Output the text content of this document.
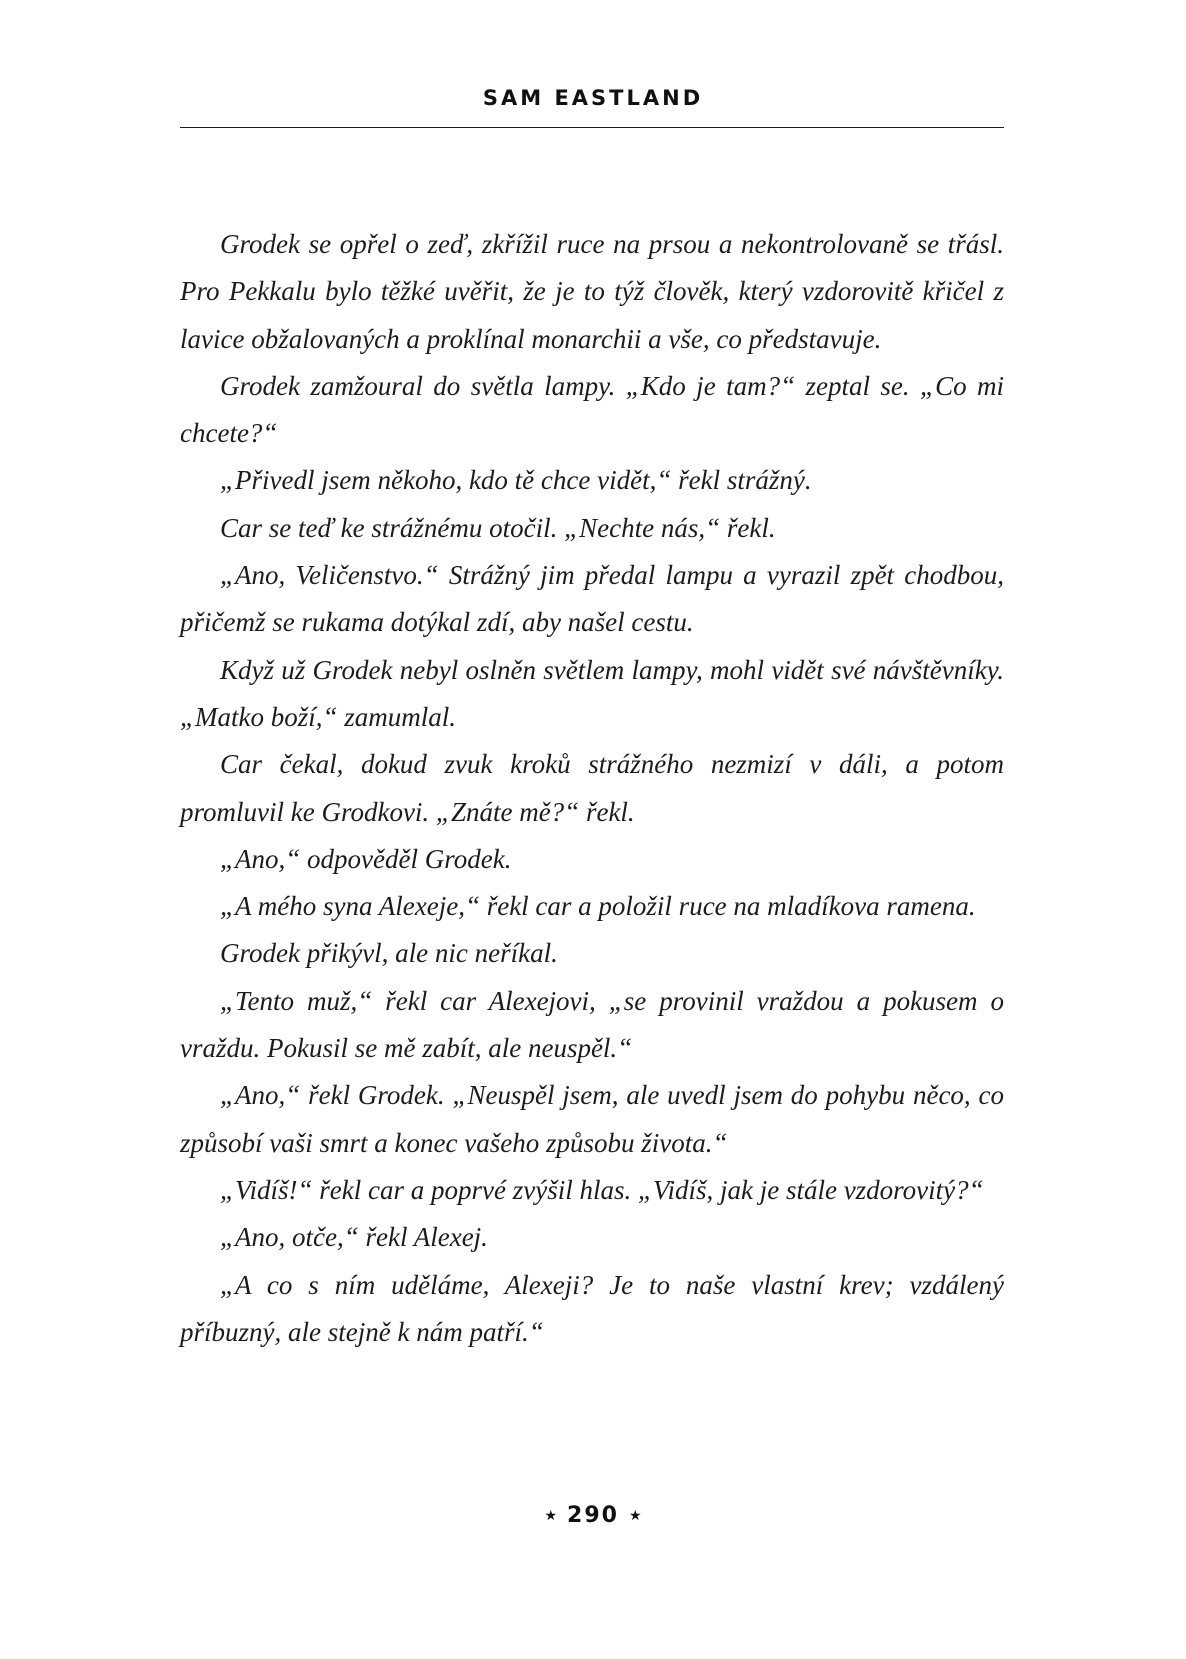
SAM EASTLAND

Grodek se opřel o zeď, zkřížil ruce na prsou a nekontrolovaně se třásl. Pro Pekkalu bylo těžké uvěřit, že je to týž člověk, který vzdorovitě křičel z lavice obžalovaných a proklínal monarchii a vše, co představuje.

Grodek zamžoural do světla lampy. „Kdo je tam?“ zeptal se. „Co mi chcete?“

„Přivedl jsem někoho, kdo tě chce vidět,“ řekl strážný.

Car se teď ke strážnému otočil. „Nechte nás,“ řekl.

„Ano, Veličenstvo.“ Strážný jim předal lampu a vyrazil zpět chodbou, přičemž se rukama dotýkal zdí, aby našel cestu.

Když už Grodek nebyl oslněn světlem lampy, mohl vidět své návštěvníky. „Matko boží,“ zamumlal.

Car čekal, dokud zvuk kroků strážného nezmizí v dáli, a potom promluvil ke Grodkovi. „Znáte mě?“ řekl.

„Ano,“ odpověděl Grodek.

„A mého syna Alexeje,“ řekl car a položil ruce na mladíkova ramena.

Grodek přikývl, ale nic neříkal.

„Tento muž,“ řekl car Alexejovi, „se provinil vraždou a pokusem o vraždu. Pokusil se mě zabít, ale neuspěl.“

„Ano,“ řekl Grodek. „Neuspěl jsem, ale uvedl jsem do pohybu něco, co způsobí vaši smrt a konec vašeho způsobu života.“

„Vidíš!“ řekl car a poprvé zvýšil hlas. „Vidíš, jak je stále vzdorovitý?“

„Ano, otče,“ řekl Alexej.

„A co s ním uděláme, Alexeji? Je to naše vlastní krev; vzdálený příbuzný, ale stejně k nám patří.“

★ 290 ★
